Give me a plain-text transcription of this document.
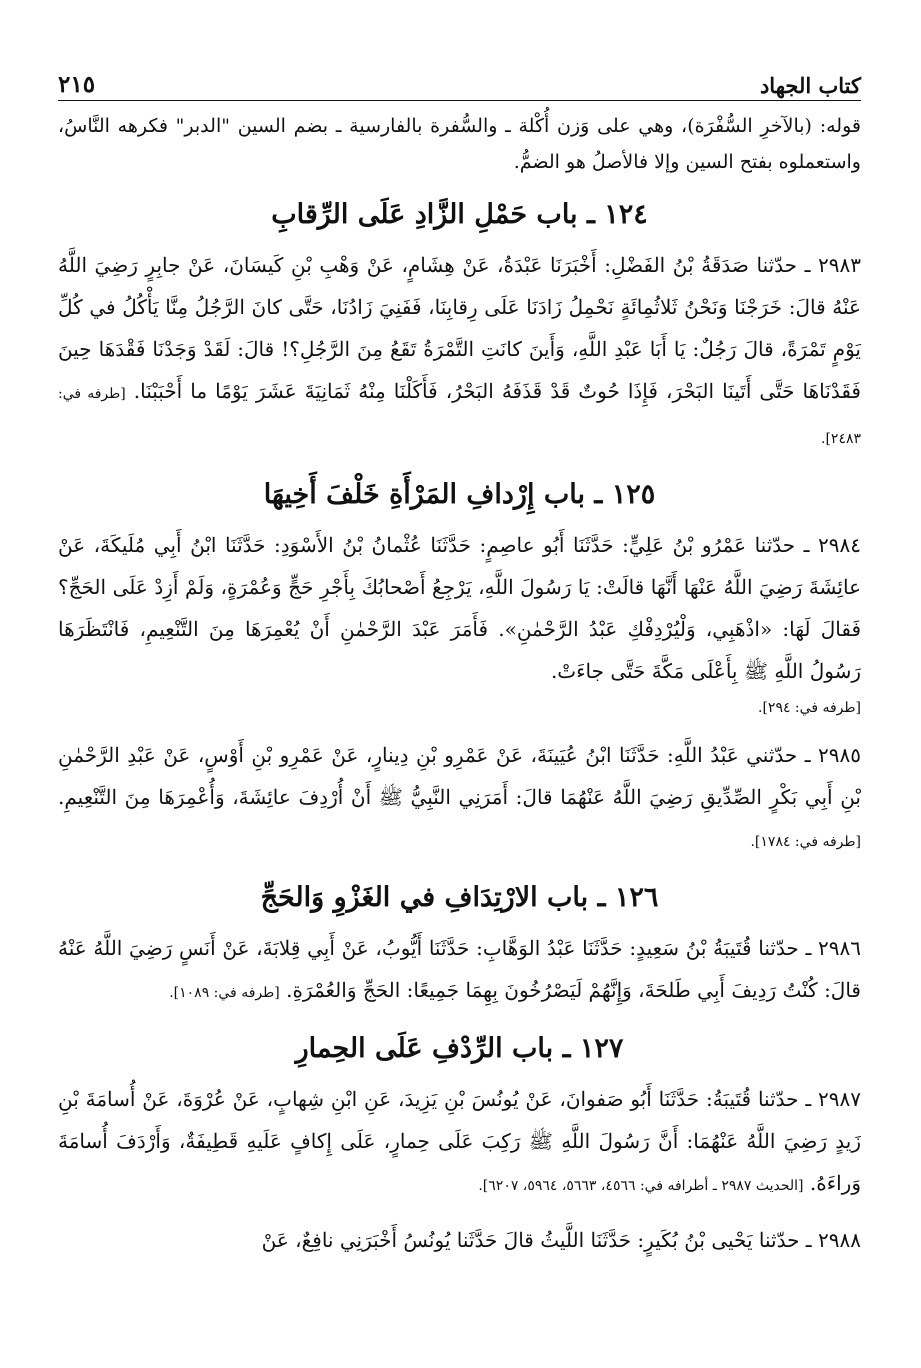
كتاب الجهاد
٢١٥

قوله: (بالآخرِ السُّفْرَة)، وهي على وَزن أُكْلة ـ والسُّفرة بالفارسية ـ بضم السين "الدبر" فكرهه النَّاسُ، واستعملوه بفتح السين وإلا فالأصلُ هو الضمُّ.

١٢٤ ـ باب حَمْلِ الزَّادِ عَلَى الرِّقابِ

٢٩٨٣ ـ حدّثنا صَدَقَةُ بْنُ الفَضْلِ: أَخْبَرَنَا عَبْدَةُ، عَنْ هِشَامٍ، عَنْ وَهْبِ بْنِ كَيسَانَ، عَنْ جابِرٍ رَضِيَ اللَّهُ عَنْهُ قالَ: خَرَجْنَا وَنَحْنُ ثَلاثُمِائَةٍ نَحْمِلُ زَادَنَا عَلَى رِقابِنَا، فَفَنِيَ زَادُنَا، حَتَّى كانَ الرَّجُلُ مِنَّا يَأْكُلُ في كُلِّ يَوْمٍ تَمْرَةً، قالَ رَجُلٌ: يَا أَبَا عَبْدِ اللَّهِ، وَأَينَ كانَتِ التَّمْرَةُ تَقَعُ مِنَ الرَّجُلِ؟! قالَ: لَقَدْ وَجَدْنَا فَقْدَهَا حِينَ فَقَدْنَاهَا حَتَّى أَتَينَا البَحْرَ، فَإِذَا حُوتٌ قَدْ قَذَفَهُ البَحْرُ، فَأَكَلْنَا مِنْهُ ثَمَانِيَةَ عَشَرَ يَوْمًا ما أَحْبَبْنَا. [طرفه في: ٢٤٨٣].

١٢٥ ـ باب إِرْدافِ المَرْأَةِ خَلْفَ أَخِيهَا

٢٩٨٤ ـ حدّثنا عَمْرُو بْنُ عَلِيٍّ: حَدَّثَنَا أَبُو عاصِمٍ: حَدَّثَنَا عُثْمانُ بْنُ الأَسْوَدِ: حَدَّثَنَا ابْنُ أَبِي مُلَيكَةَ، عَنْ عائِشَةَ رَضِيَ اللَّهُ عَنْهَا أَنَّهَا قالَتْ: يَا رَسُولَ اللَّهِ، يَرْجِعُ أَصْحابُكَ بِأَجْرِ حَجٍّ وَعُمْرَةٍ، وَلَمْ أَزِدْ عَلَى الحَجِّ؟ فَقالَ لَهَا: «اذْهَبِي، وَلْيُرْدِفْكِ عَبْدُ الرَّحْمٰنِ». فَأَمَرَ عَبْدَ الرَّحْمٰنِ أَنْ يُعْمِرَهَا مِنَ التَّنْعِيمِ، فَانْتَظَرَهَا رَسُولُ اللَّهِ ﷺ بِأَعْلَى مَكَّةَ حَتَّى جاءَتْ.

[طرفه في: ٢٩٤].

٢٩٨٥ ـ حدّثني عَبْدُ اللَّهِ: حَدَّثَنَا ابْنُ عُيَينَةَ، عَنْ عَمْرِو بْنِ دِينارٍ، عَنْ عَمْرِو بْنِ أَوْسٍ، عَنْ عَبْدِ الرَّحْمٰنِ بْنِ أَبِي بَكْرٍ الصِّدِّيقِ رَضِيَ اللَّهُ عَنْهُمَا قالَ: أَمَرَنِي النَّبِيُّ ﷺ أَنْ أُرْدِفَ عائِشَةَ، وَأُعْمِرَهَا مِنَ التَّنْعِيمِ. [طرفه في: ١٧٨٤].

١٢٦ ـ باب الارْتِدَافِ في الغَزْوِ وَالحَجِّ

٢٩٨٦ ـ حدّثنا قُتَيبَةُ بْنُ سَعِيدٍ: حَدَّثَنَا عَبْدُ الوَهَّابِ: حَدَّثَنَا أَيُّوبُ، عَنْ أَبِي قِلابَةَ، عَنْ أَنَسٍ رَضِيَ اللَّهُ عَنْهُ قالَ: كُنْتُ رَدِيفَ أَبِي طَلحَةَ، وَإِنَّهُمْ لَيَصْرُخُونَ بِهِمَا جَمِيعًا: الحَجِّ وَالعُمْرَةِ. [طرفه في: ١٠٨٩].

١٢٧ ـ باب الرِّدْفِ عَلَى الحِمارِ

٢٩٨٧ ـ حدّثنا قُتَيبَةُ: حَدَّثَنَا أَبُو صَفوانَ، عَنْ يُونُسَ بْنِ يَزِيدَ، عَنِ ابْنِ شِهابٍ، عَنْ عُرْوَةَ، عَنْ أُسامَةَ بْنِ زَيدٍ رَضِيَ اللَّهُ عَنْهُمَا: أَنَّ رَسُولَ اللَّهِ ﷺ رَكِبَ عَلَى حِمارٍ، عَلَى إِكافٍ عَلَيهِ قَطِيفَةٌ، وَأَرْدَفَ أُسامَةَ وَراءَهُ. [الحديث ٢٩٨٧ ـ أطرافه في: ٤٥٦٦، ٥٦٦٣، ٥٩٦٤، ٦٢٠٧].

٢٩٨٨ ـ حدّثنا يَحْيى بْنُ بُكَيرٍ: حَدَّثَنَا اللَّيثُ قالَ حَدَّثَنا يُونُسُ أَخْبَرَنِي نافِعٌ، عَنْ
